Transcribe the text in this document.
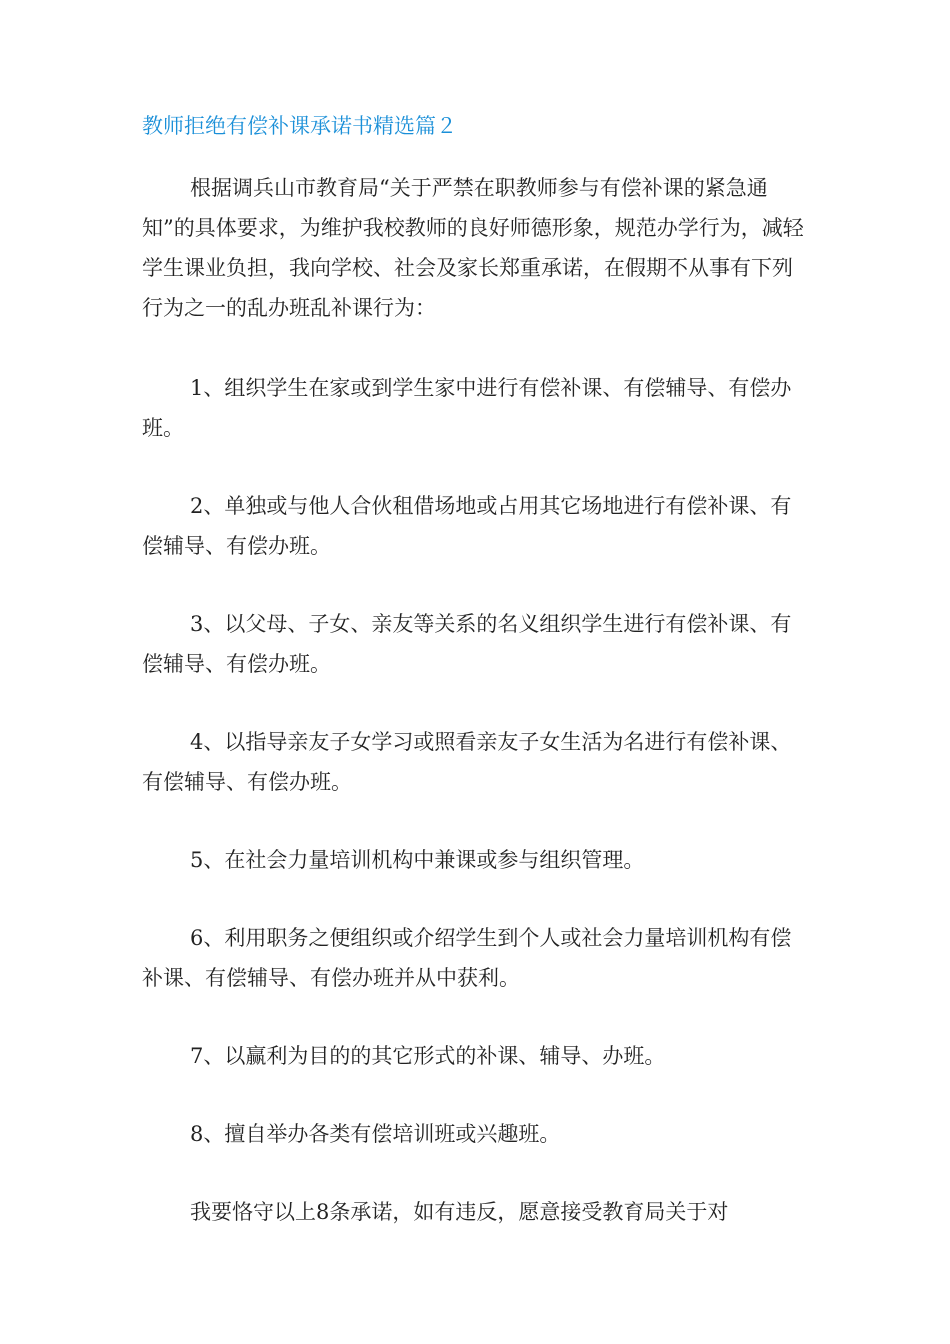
教师拒绝有偿补课承诺书精选篇２

根据调兵山市教育局“关于严禁在职教师参与有偿补课的紧急通知”的具体要求，为维护我校教师的良好师德形象，规范办学行为，减轻学生课业负担，我向学校、社会及家长郑重承诺，在假期不从事有下列行为之一的乱办班乱补课行为：

1、组织学生在家或到学生家中进行有偿补课、有偿辅导、有偿办班。

2、单独或与他人合伙租借场地或占用其它场地进行有偿补课、有偿辅导、有偿办班。

3、以父母、子女、亲友等关系的名义组织学生进行有偿补课、有偿辅导、有偿办班。

4、以指导亲友子女学习或照看亲友子女生活为名进行有偿补课、有偿辅导、有偿办班。

5、在社会力量培训机构中兼课或参与组织管理。

6、利用职务之便组织或介绍学生到个人或社会力量培训机构有偿补课、有偿辅导、有偿办班并从中获利。

7、以赢利为目的的其它形式的补课、辅导、办班。

8、擅自举办各类有偿培训班或兴趣班。

我要恪守以上8条承诺，如有违反，愿意接受教育局关于对
